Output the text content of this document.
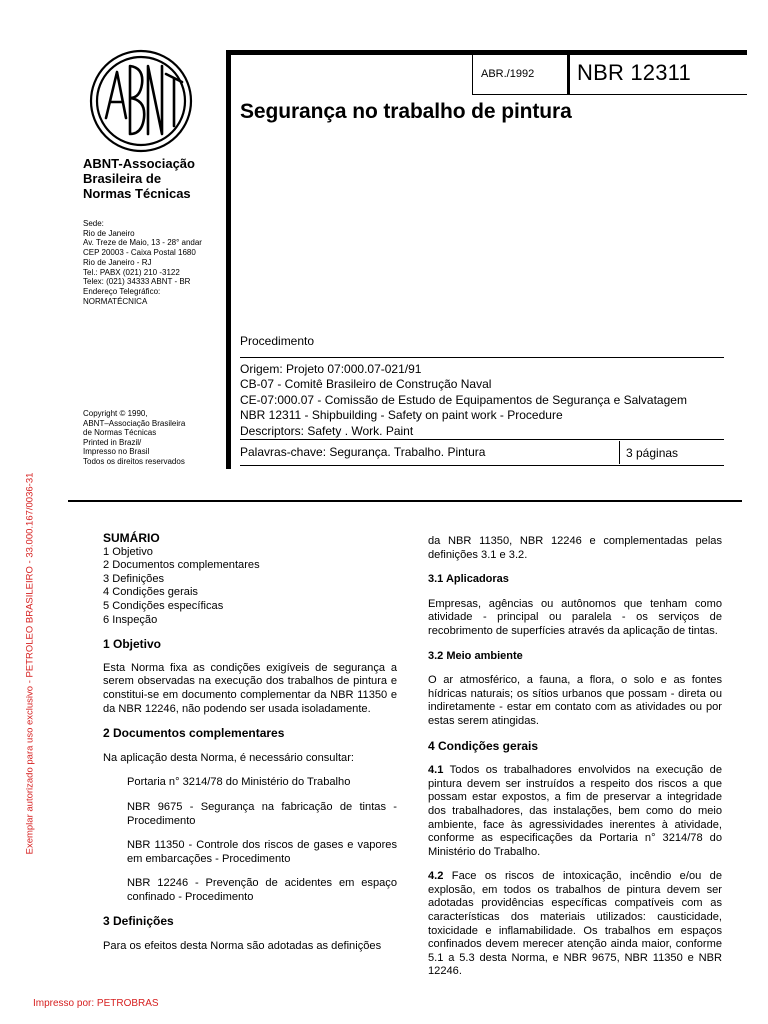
ABNT-Associação
Brasileira de
Normas Técnicas
Sede:
Rio de Janeiro
Av. Treze de Maio, 13 - 28° andar
CEP 20003 - Caixa Postal 1680
Rio de Janeiro - RJ
Tel.: PABX (021) 210 -3122
Telex: (021) 34333 ABNT - BR
Endereço Telegráfico:
NORMATÉCNICA
Copyright © 1990,
ABNT–Associação Brasileira
de Normas Técnicas
Printed in Brazil/
Impresso no Brasil
Todos os direitos reservados
ABR./1992 NBR 12311
Segurança no trabalho de pintura
Procedimento
Origem: Projeto 07:000.07-021/91
CB-07 - Comitê Brasileiro de Construção Naval
CE-07:000.07 - Comissão de Estudo de Equipamentos de Segurança e Salvatagem
NBR 12311 - Shipbuilding - Safety on paint work - Procedure
Descriptors: Safety . Work. Paint
Palavras-chave: Segurança. Trabalho. Pintura	3 páginas
Exemplar autorizado para uso exclusivo - PETROLEO BRASILEIRO - 33.000.167/0036-31	SUMÁRIO
1 Objetivo
2 Documentos complementares
3 Definições
4 Condições gerais
5 Condições específicas
6 Inspeção
1 Objetivo

Esta Norma fixa as condições exigíveis de segurança a serem observadas na execução dos trabalhos de pintura e constitui-se em documento complementar da NBR 11350 e da NBR 12246, não podendo ser usada isoladamente.

2 Documentos complementares

Na aplicação desta Norma, é necessário consultar:

Portaria n° 3214/78 do Ministério do Trabalho

NBR 9675 - Segurança na fabricação de tintas - Procedimento

NBR 11350 - Controle dos riscos de gases e vapores em embarcações - Procedimento

NBR 12246 - Prevenção de acidentes em espaço confinado - Procedimento

3 Definições

Para os efeitos desta Norma são adotadas as definições

da NBR 11350, NBR 12246 e complementadas pelas definições 3.1 e 3.2.

3.1 Aplicadoras

Empresas, agências ou autônomos que tenham como atividade - principal ou paralela - os serviços de recobrimento de superfícies através da aplicação de tintas.

3.2 Meio ambiente

O ar atmosférico, a fauna, a flora, o solo e as fontes hídricas naturais; os sítios urbanos que possam - direta ou indiretamente - estar em contato com as atividades ou por estas serem atingidas.

4 Condições gerais

4.1 Todos os trabalhadores envolvidos na execução de pintura devem ser instruídos a respeito dos riscos a que possam estar expostos, a fim de preservar a integridade dos trabalhadores, das instalações, bem como do meio ambiente, face às agressividades inerentes à atividade, conforme as especificações da Portaria n° 3214/78 do Ministério do Trabalho.

4.2 Face os riscos de intoxicação, incêndio e/ou de explosão, em todos os trabalhos de pintura devem ser adotadas providências específicas compatíveis com as características dos materiais utilizados: causticidade, toxicidade e inflamabilidade. Os trabalhos em espaços confinados devem merecer atenção ainda maior, conforme 5.1 a 5.3 desta Norma, e NBR 9675, NBR 11350 e NBR 12246.

Impresso por: PETROBRAS
